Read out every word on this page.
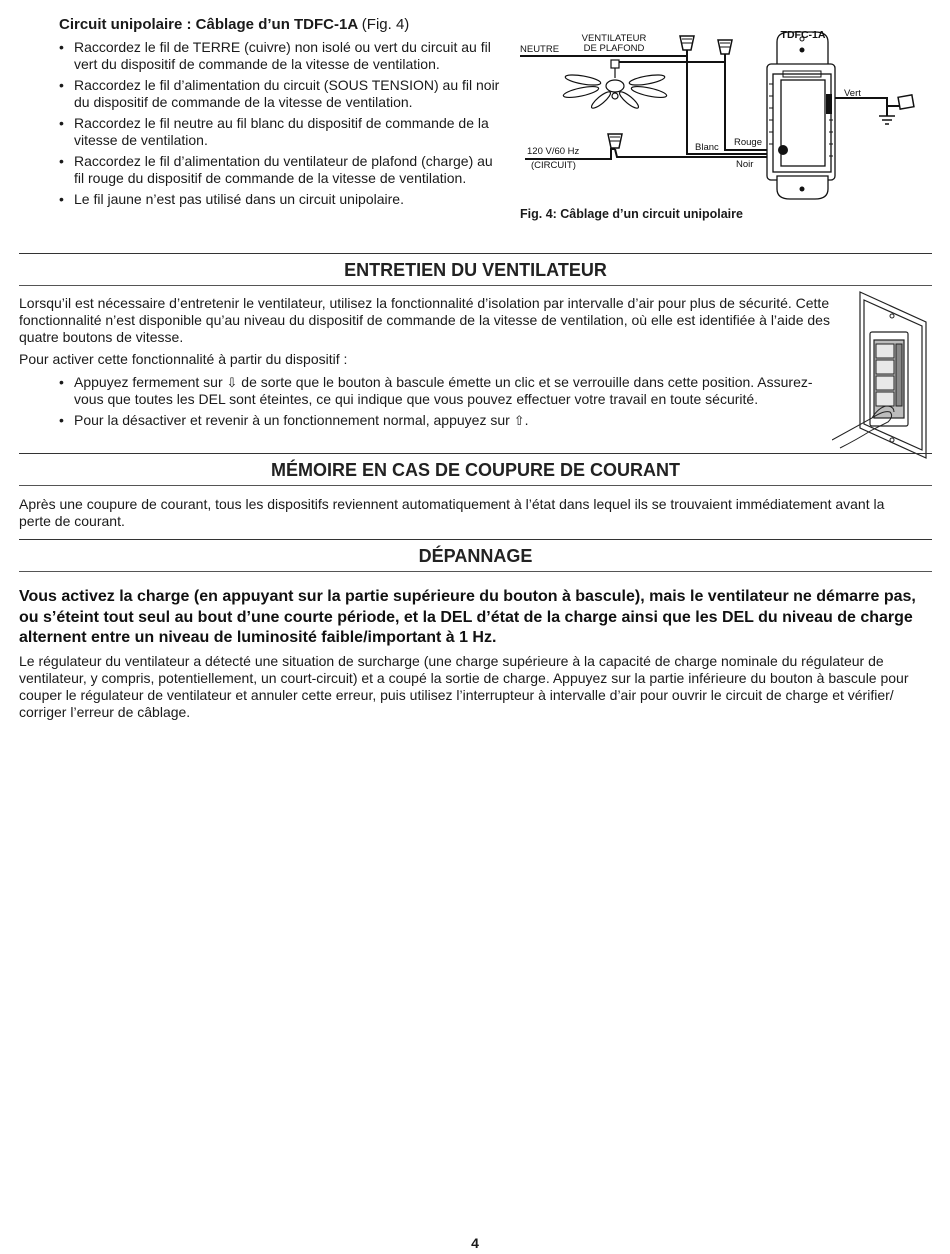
Circuit unipolaire : Câblage d’un TDFC-1A (Fig. 4)
• Raccordez le fil de TERRE (cuivre) non isolé ou vert du circuit au fil vert du dispositif de commande de la vitesse de ventilation.
• Raccordez le fil d’alimentation du circuit (SOUS TENSION) au fil noir du dispositif de commande de la vitesse de ventilation.
• Raccordez le fil neutre au fil blanc du dispositif de commande de la vitesse de ventilation.
• Raccordez le fil d’alimentation du ventilateur de plafond (charge) au fil rouge du dispositif de commande de la vitesse de ventilation.
• Le fil jaune n’est pas utilisé dans un circuit unipolaire.
NEUTRE
VENTILATEUR
DE PLAFOND
TDFC-1A
Vert
Rouge
Blanc
Noir
120 V/60 Hz
(CIRCUIT)
Fig. 4: Câblage d’un circuit unipolaire
ENTRETIEN DU VENTILATEUR
Lorsqu’il est nécessaire d’entretenir le ventilateur, utilisez la fonctionnalité d’isolation par intervalle d’air pour plus de sécurité. Cette fonctionnalité n’est disponible qu’au niveau du dispositif de commande de la vitesse de ventilation, où elle est identifiée à l’aide des quatre boutons de vitesse.
Pour activer cette fonctionnalité à partir du dispositif :
• Appuyez fermement sur ⇩ de sorte que le bouton à bascule émette un clic et se verrouille dans cette position. Assurez-vous que toutes les DEL sont éteintes, ce qui indique que vous pouvez effectuer votre travail en toute sécurité.
• Pour la désactiver et revenir à un fonctionnement normal, appuyez sur ⇧.
MÉMOIRE EN CAS DE COUPURE DE COURANT
Après une coupure de courant, tous les dispositifs reviennent automatiquement à l’état dans lequel ils se trouvaient immédiatement avant la perte de courant.
DÉPANNAGE
Vous activez la charge (en appuyant sur la partie supérieure du bouton à bascule), mais le ventilateur ne démarre pas, ou s’éteint tout seul au bout d’une courte période, et la DEL d’état de la charge ainsi que les DEL du niveau de charge alternent entre un niveau de luminosité faible/important à 1 Hz.
Le régulateur du ventilateur a détecté une situation de surcharge (une charge supérieure à la capacité de charge nominale du régulateur de ventilateur, y compris, potentiellement, un court-circuit) et a coupé la sortie de charge. Appuyez sur la partie inférieure du bouton à bascule pour couper le régulateur de ventilateur et annuler cette erreur, puis utilisez l’interrupteur à intervalle d’air pour ouvrir le circuit de charge et vérifier/ corriger l’erreur de câblage.
4
